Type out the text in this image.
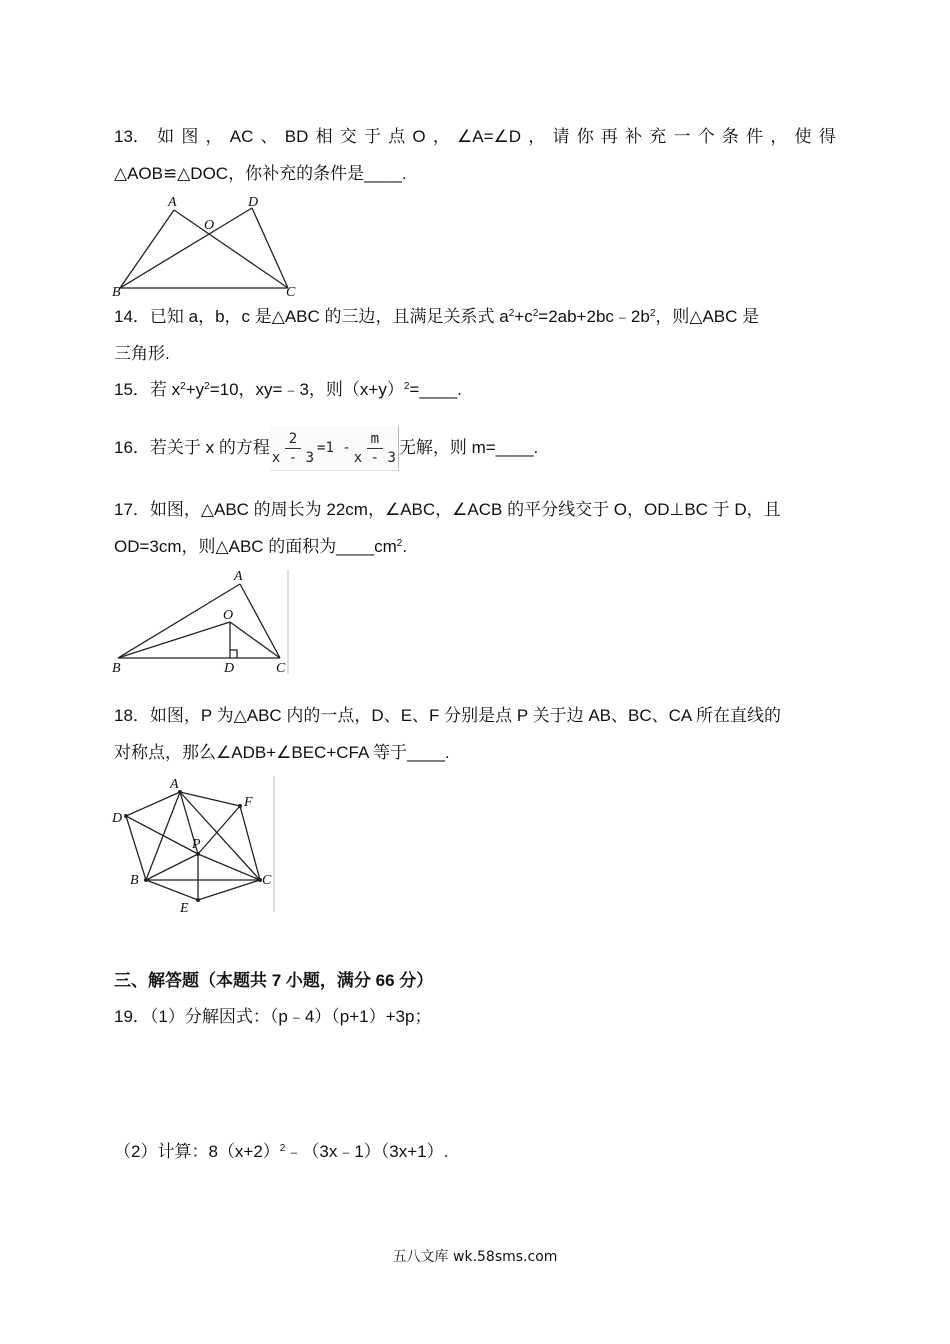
13． 如 图 ， AC 、 BD 相 交 于 点 O ， ∠A=∠D ， 请 你 再 补 充 一 个 条 件 ， 使 得
△AOB≌△DOC，你补充的条件是____.
A	D
O
B	C
14．已知 a，b，c 是△ABC 的三边，且满足关系式 $a^2+c^2=2ab+2bc﹣2b^2$，则△ABC 是
三角形.
15．若 $x^2+y^2=10$，xy=﹣3，则$(x+y)^2=\_\_\_\_$.
16．若关于 x 的方程 $\frac{2}{x - 3} =1 - \frac{m}{x - 3}$ 无解，则 m=____.
17．如图，△ABC 的周长为 22cm，∠ABC，∠ACB 的平分线交于 O，OD⊥BC 于 D，且
OD=3cm，则△ABC 的面积为$\_\_\_\_cm^2$.
A
O
B	D	C
18．如图，P 为△ABC 内的一点，D、E、F 分别是点 P 关于边 AB、BC、CA 所在直线的
对称点，那么∠ADB+∠BEC+CFA 等于____.
A
F
D
P
B	C
E
三、解答题（本题共 7 小题，满分 66 分）
19．（1）分解因式：（p﹣4）（p+1）+3p；
（2）计算：$8(x+2)^2﹣(3x﹣1)(3x+1)$.
五八文库 wk.58sms.com
